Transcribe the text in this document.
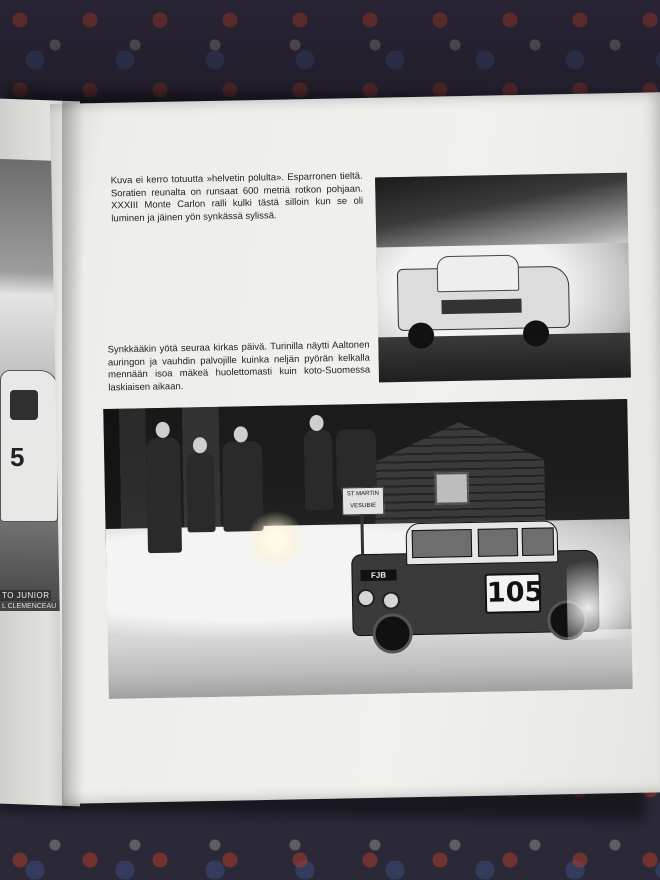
5
TO JUNIOR
L CLEMENCEAU
Kuva ei kerro totuutta »helvetin polulta». Esparronen tieltä. Soratien reunalta on runsaat 600 metriä rotkon pohjaan. XXXIII Monte Carlon ralli kulki tästä silloin kun se oli luminen ja jäinen yön synkässä sylissä.
Synkkääkin yötä seuraa kirkas päivä. Turinilla näytti Aaltonen auringon ja vauhdin palvojille kuinka neljän pyörän kelkalla mennään isoa mäkeä huolettomasti kuin koto-Suomessa laskiaisen aikaan.
ST MARTIN VESUBIE
FJB
105
